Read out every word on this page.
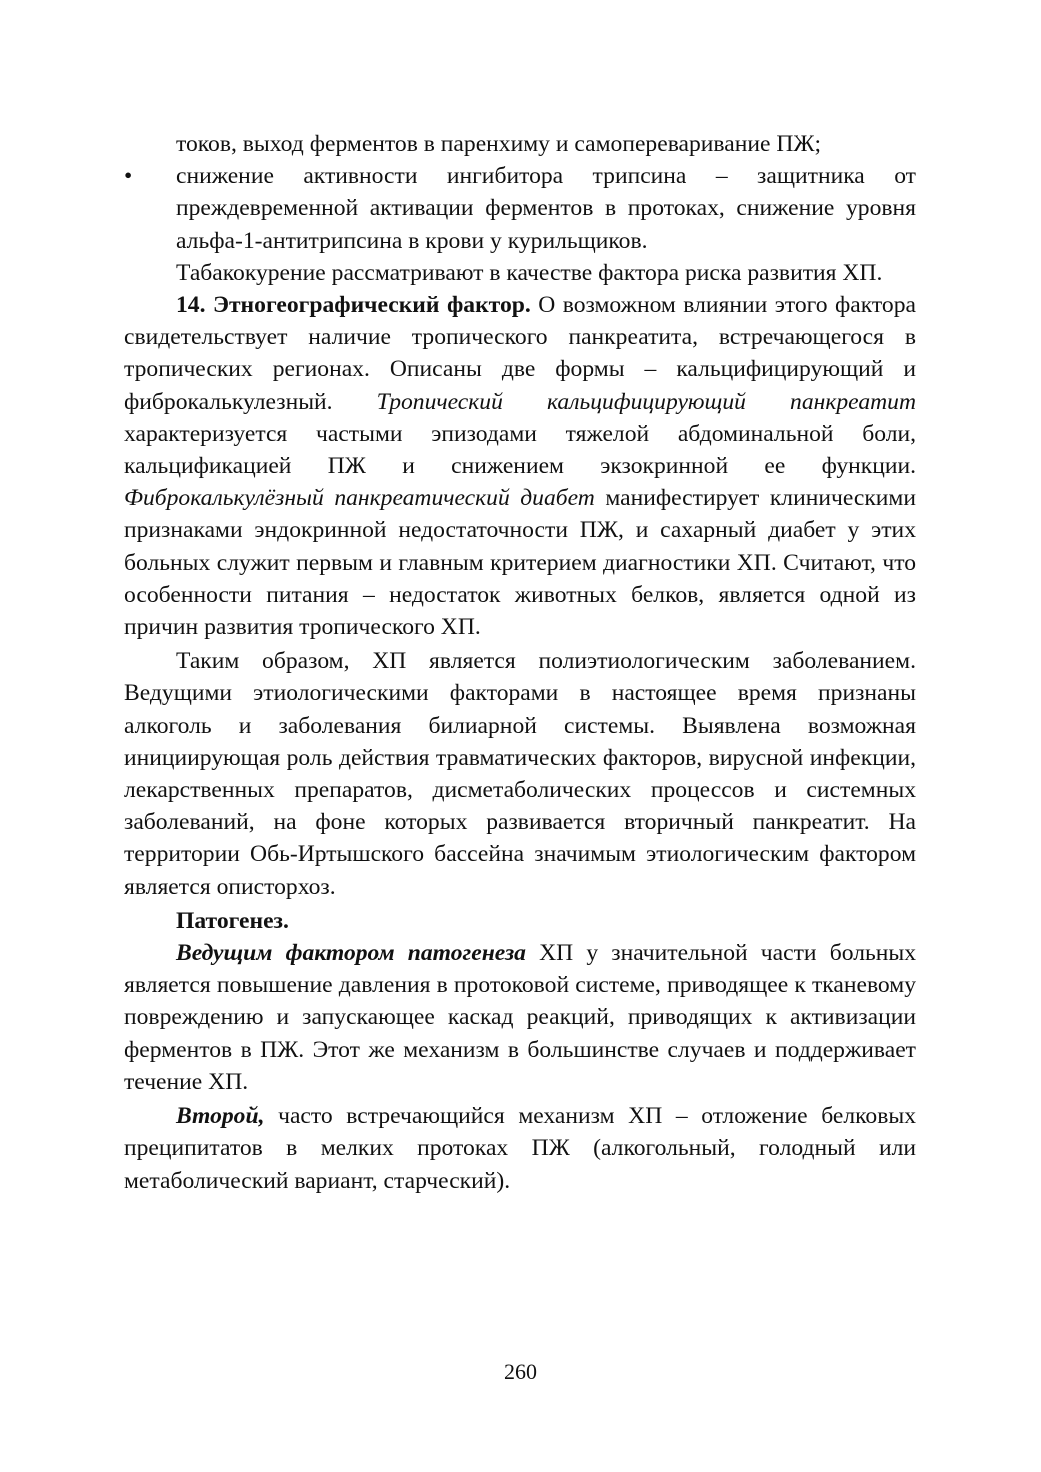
токов, выход ферментов в паренхиму и самопереваривание ПЖ;

• снижение активности ингибитора трипсина – защитника от преждевременной активации ферментов в протоках, снижение уровня альфа-1-антитрипсина в крови у курильщиков.

Табакокурение рассматривают в качестве фактора риска развития ХП.

14. Этногеографический фактор. О возможном влиянии этого фактора свидетельствует наличие тропического панкреатита, встречающегося в тропических регионах. Описаны две формы – кальцифицирующий и фиброкалькулезный. Тропический кальцифицирующий панкреатит характеризуется частыми эпизодами тяжелой абдоминальной боли, кальцификацией ПЖ и снижением экзокринной ее функции. Фиброкалькулёзный панкреатический диабет манифестирует клиническими признаками эндокринной недостаточности ПЖ, и сахарный диабет у этих больных служит первым и главным критерием диагностики ХП. Считают, что особенности питания – недостаток животных белков, является одной из причин развития тропического ХП.

Таким образом, ХП является полиэтиологическим заболеванием. Ведущими этиологическими факторами в настоящее время признаны алкоголь и заболевания билиарной системы. Выявлена возможная инициирующая роль действия травматических факторов, вирусной инфекции, лекарственных препаратов, дисметаболических процессов и системных заболеваний, на фоне которых развивается вторичный панкреатит. На территории Обь-Иртышского бассейна значимым этиологическим фактором является описторхоз.

Патогенез.

Ведущим фактором патогенеза ХП у значительной части больных является повышение давления в протоковой системе, приводящее к тканевому повреждению и запускающее каскад реакций, приводящих к активизации ферментов в ПЖ. Этот же механизм в большинстве случаев и поддерживает течение ХП.

Второй, часто встречающийся механизм ХП – отложение белковых преципитатов в мелких протоках ПЖ (алкогольный, голодный или метаболический вариант, старческий).

260
